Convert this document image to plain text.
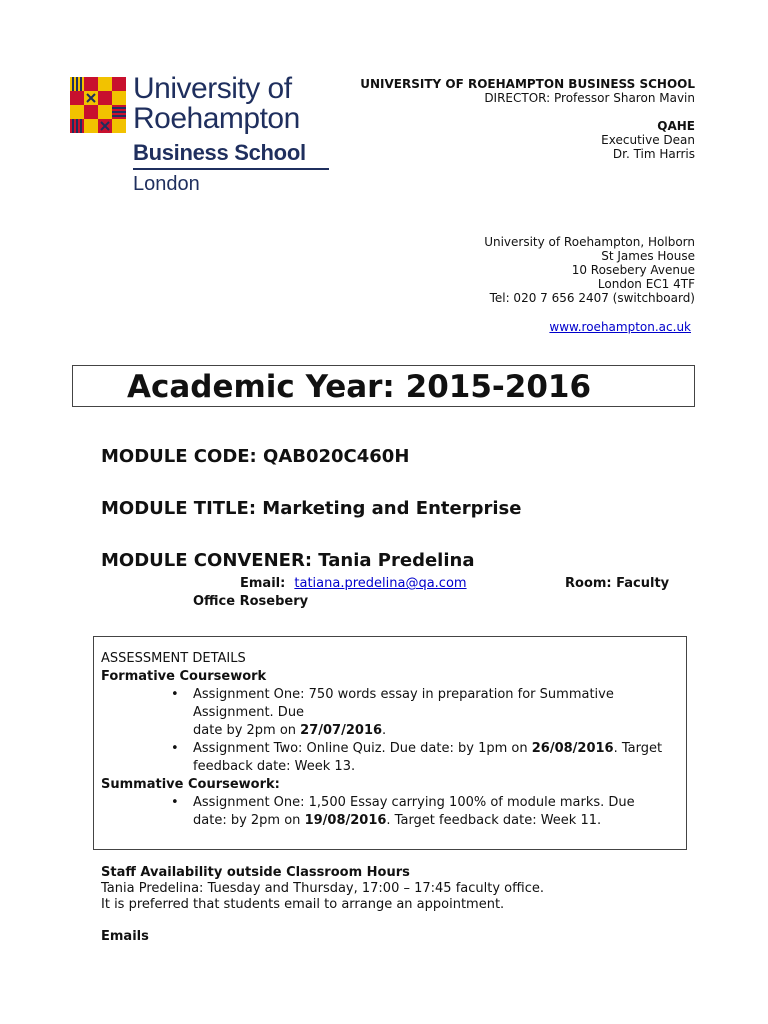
University of
Roehampton
Business School
London
UNIVERSITY OF ROEHAMPTON BUSINESS SCHOOL
DIRECTOR: Professor Sharon Mavin
QAHE
Executive Dean
Dr. Tim Harris
University of Roehampton, Holborn
St James House
10 Rosebery Avenue
London EC1 4TF
Tel: 020 7 656 2407 (switchboard)
www.roehampton.ac.uk
Academic Year: 2015-2016
MODULE CODE: QAB020C460H
MODULE TITLE: Marketing and Enterprise
MODULE CONVENER: Tania Predelina
Email: tatiana.predelina@qa.com	Room: Faculty
Office Rosebery
ASSESSMENT DETAILS
Formative Coursework
• Assignment One: 750 words essay in preparation for Summative Assignment. Due
date by 2pm on 27/07/2016.
• Assignment Two: Online Quiz. Due date: by 1pm on 26/08/2016. Target feedback date: Week 13.
Summative Coursework:
• Assignment One: 1,500 Essay carrying 100% of module marks. Due date: by 2pm on 19/08/2016. Target feedback date: Week 11.
Staff Availability outside Classroom Hours
Tania Predelina: Tuesday and Thursday, 17:00 – 17:45 faculty office.
It is preferred that students email to arrange an appointment.
Emails
